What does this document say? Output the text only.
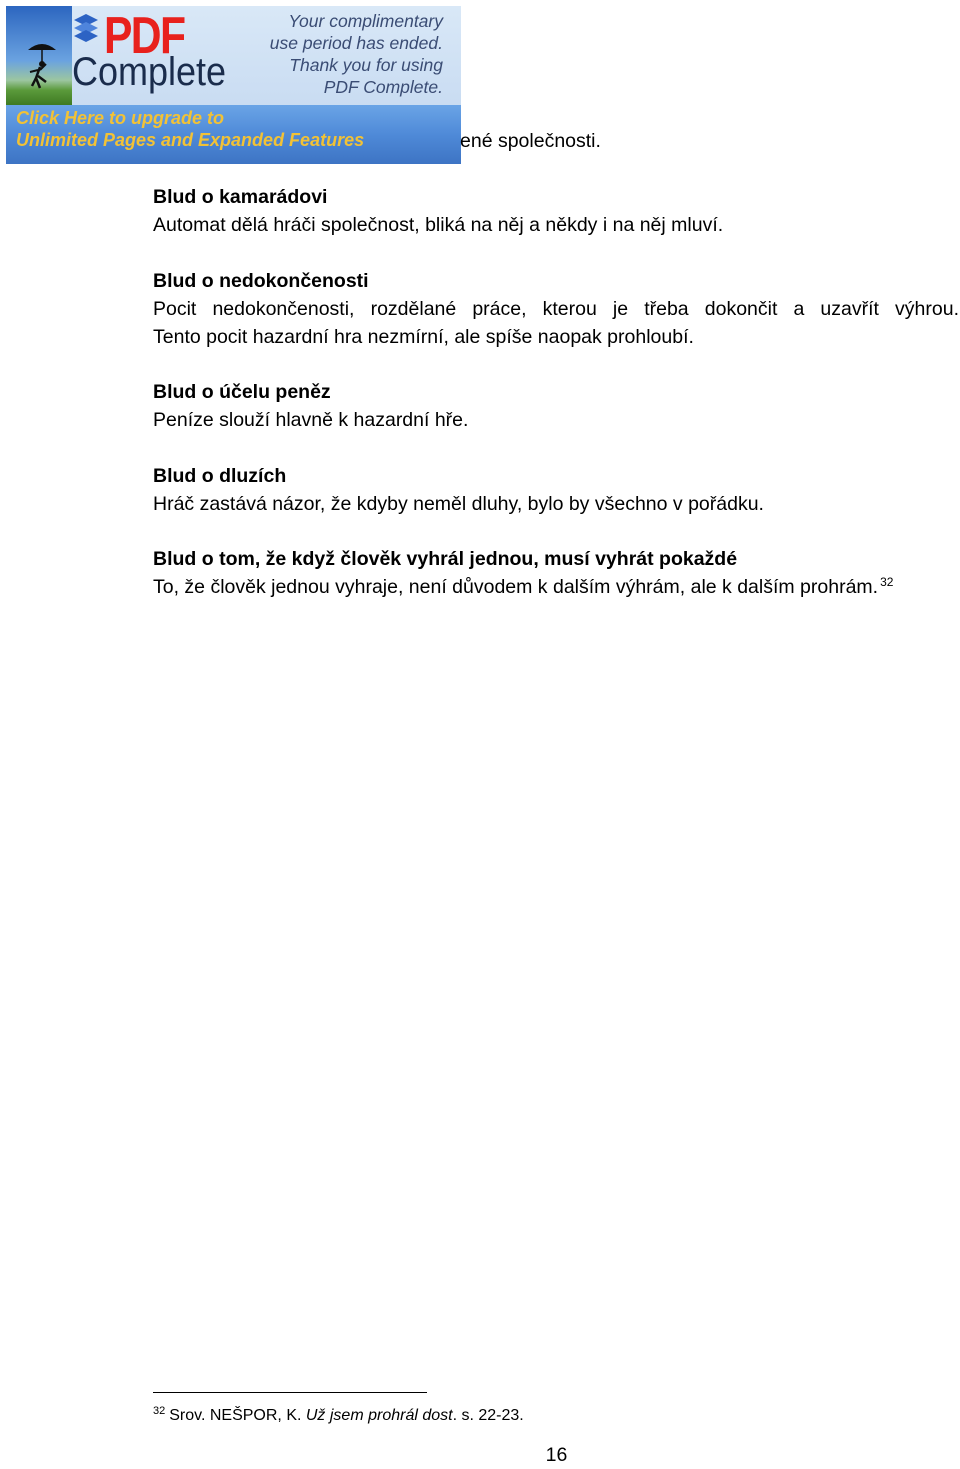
PDF
Complete
Your complimentary
use period has ended.
Thank you for using
PDF Complete.
Click Here to upgrade to
Unlimited Pages and Expanded Features	ené společnosti.
Blud o kamarádovi
Automat dělá hráči společnost, bliká na něj a někdy i na něj mluví.
Blud o nedokončenosti
Pocit nedokončenosti, rozdělané práce, kterou je třeba dokončit a uzavřít výhrou.
Tento pocit hazardní hra nezmírní, ale spíše naopak prohloubí.
Blud o účelu peněz
Peníze slouží hlavně k hazardní hře.
Blud o dluzích
Hráč zastává názor, že kdyby neměl dluhy, bylo by všechno v pořádku.
Blud o tom, že když člověk vyhrál jednou, musí vyhrát pokaždé
To, že člověk jednou vyhraje, není důvodem k dalším výhrám, ale k dalším prohrám. $^{32}$
$^{32}$ Srov. NEŠPOR, K. Už jsem prohrál dost. s. 22-23.
16
